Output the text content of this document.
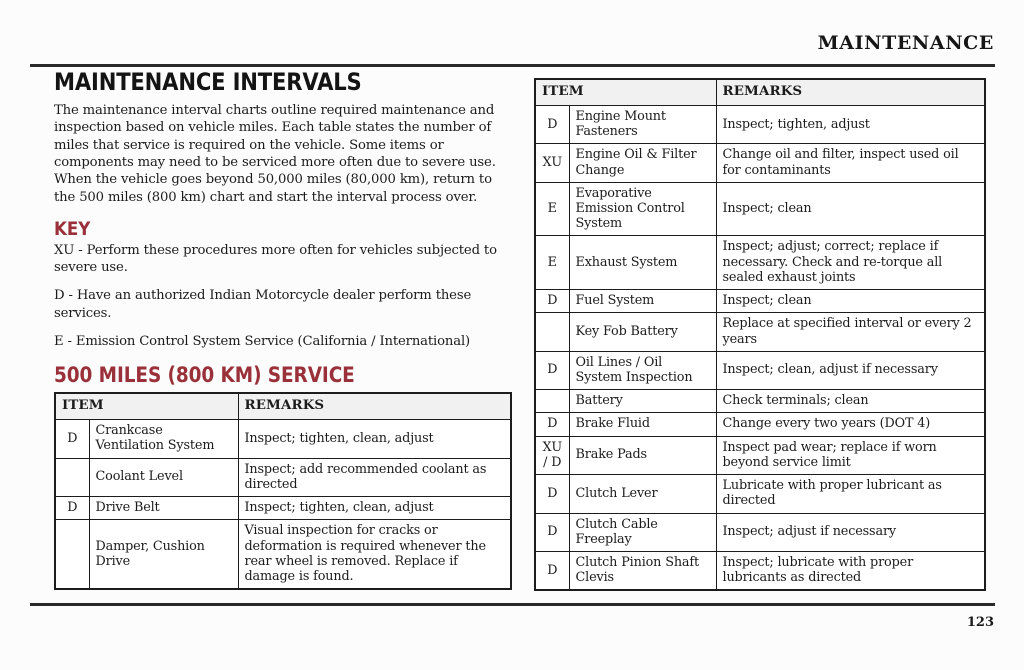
MAINTENANCE
MAINTENANCE INTERVALS

The maintenance interval charts outline required maintenance and inspection based on vehicle miles. Each table states the number of miles that service is required on the vehicle. Some items or components may need to be serviced more often due to severe use. When the vehicle goes beyond 50,000 miles (80,000 km), return to the 500 miles (800 km) chart and start the interval process over.

KEY

XU - Perform these procedures more often for vehicles subjected to severe use.

D - Have an authorized Indian Motorcycle dealer perform these services.

E - Emission Control System Service (California / International)

500 MILES (800 KM) SERVICE
ITEM		REMARKS
D	Crankcase Ventilation System	Inspect; tighten, clean, adjust
	Coolant Level	Inspect; add recommended coolant as directed
D	Drive Belt	Inspect; tighten, clean, adjust
	Damper, Cushion Drive	Visual inspection for cracks or deformation is required whenever the rear wheel is removed. Replace if damage is found.
ITEM		REMARKS
D	Engine Mount Fasteners	Inspect; tighten, adjust
XU	Engine Oil & Filter Change	Change oil and filter, inspect used oil for contaminants
E	Evaporative Emission Control System	Inspect; clean
E	Exhaust System	Inspect; adjust; correct; replace if necessary. Check and re-torque all sealed exhaust joints
D	Fuel System	Inspect; clean
	Key Fob Battery	Replace at specified interval or every 2 years
D	Oil Lines / Oil System Inspection	Inspect; clean, adjust if necessary
	Battery	Check terminals; clean
D	Brake Fluid	Change every two years (DOT 4)
XU / D	Brake Pads	Inspect pad wear; replace if worn beyond service limit
D	Clutch Lever	Lubricate with proper lubricant as directed
D	Clutch Cable Freeplay	Inspect; adjust if necessary
D	Clutch Pinion Shaft Clevis	Inspect; lubricate with proper lubricants as directed
123
